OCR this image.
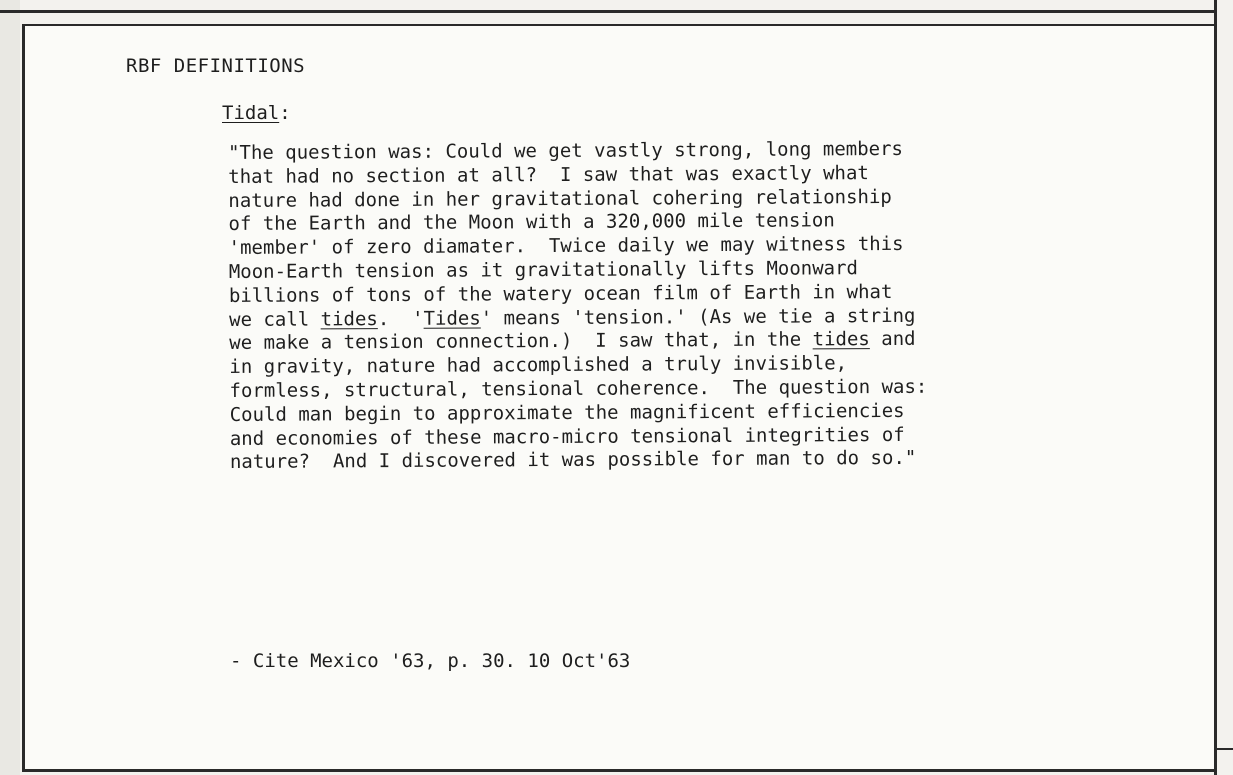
RBF DEFINITIONS
Tidal:
"The question was: Could we get vastly strong, long members
that had no section at all?  I saw that was exactly what
nature had done in her gravitational cohering relationship
of the Earth and the Moon with a 320,000 mile tension
'member' of zero diamater.  Twice daily we may witness this
Moon-Earth tension as it gravitationally lifts Moonward
billions of tons of the watery ocean film of Earth in what
we call tides.  'Tides' means 'tension.' (As we tie a string
we make a tension connection.)  I saw that, in the tides and
in gravity, nature had accomplished a truly invisible,
formless, structural, tensional coherence.  The question was:
Could man begin to approximate the magnificent efficiencies
and economies of these macro-micro tensional integrities of
nature?  And I discovered it was possible for man to do so."
- Cite Mexico '63, p. 30. 10 Oct'63
